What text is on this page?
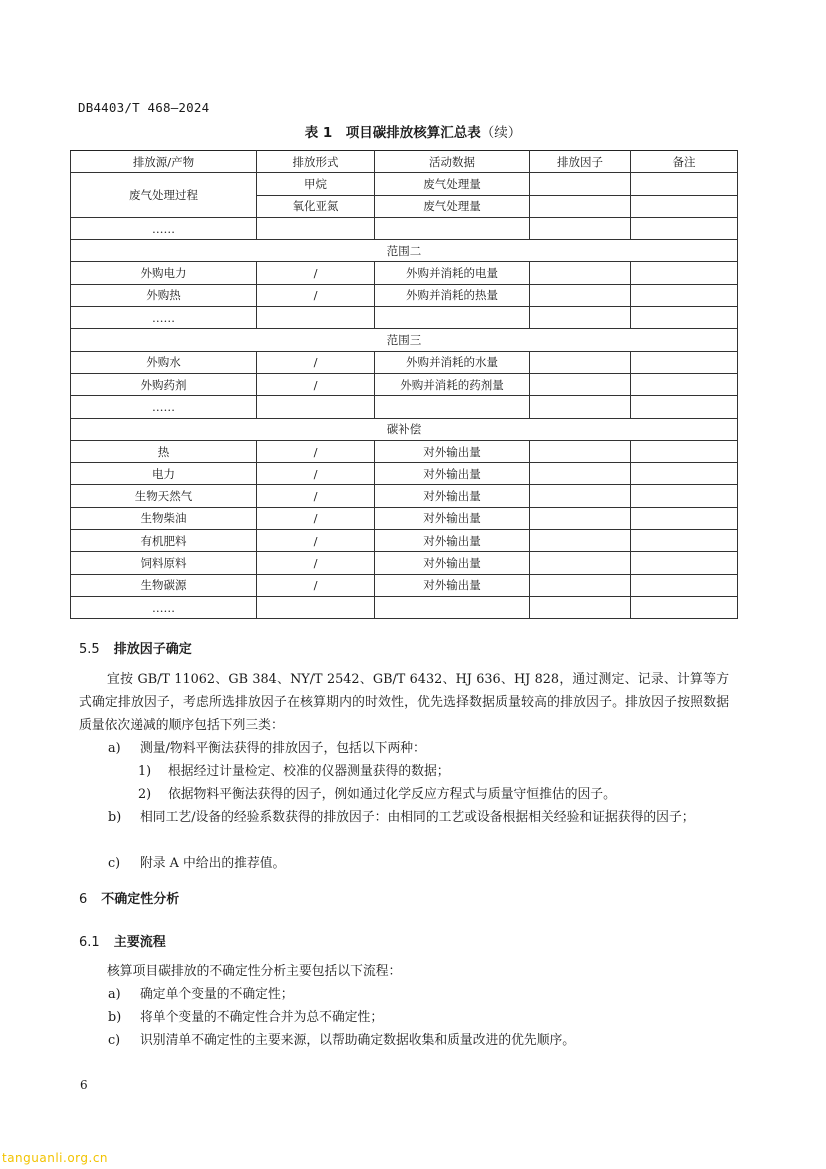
DB4403/T 468—2024
表 1　项目碳排放核算汇总表（续）
排放源/产物	排放形式	活动数据	排放因子	备注
废气处理过程	甲烷	废气处理量		
	氧化亚氮	废气处理量		
……				
范围二				
外购电力	/	外购并消耗的电量		
外购热	/	外购并消耗的热量		
……				
范围三				
外购水	/	外购并消耗的水量		
外购药剂	/	外购并消耗的药剂量		
……				
碳补偿				
热	/	对外输出量		
电力	/	对外输出量		
生物天然气	/	对外输出量		
生物柴油	/	对外输出量		
有机肥料	/	对外输出量		
饲料原料	/	对外输出量		
生物碳源	/	对外输出量		
……				
5.5 排放因子确定
宜按 GB/T 11062、GB 384、NY/T 2542、GB/T 6432、HJ 636、HJ 828，通过测定、记录、计算等方式确定排放因子，考虑所选排放因子在核算期内的时效性，优先选择数据质量较高的排放因子。排放因子按照数据质量依次递减的顺序包括下列三类：
a) 测量/物料平衡法获得的排放因子，包括以下两种：
1) 根据经过计量检定、校准的仪器测量获得的数据；
2) 依据物料平衡法获得的因子，例如通过化学反应方程式与质量守恒推估的因子。
b) 相同工艺/设备的经验系数获得的排放因子：由相同的工艺或设备根据相关经验和证据获得的因子；
c) 附录 A 中给出的推荐值。
6 不确定性分析
6.1 主要流程
核算项目碳排放的不确定性分析主要包括以下流程：
a) 确定单个变量的不确定性；
b) 将单个变量的不确定性合并为总不确定性；
c) 识别清单不确定性的主要来源，以帮助确定数据收集和质量改进的优先顺序。
6
tanguanli.org.cn
